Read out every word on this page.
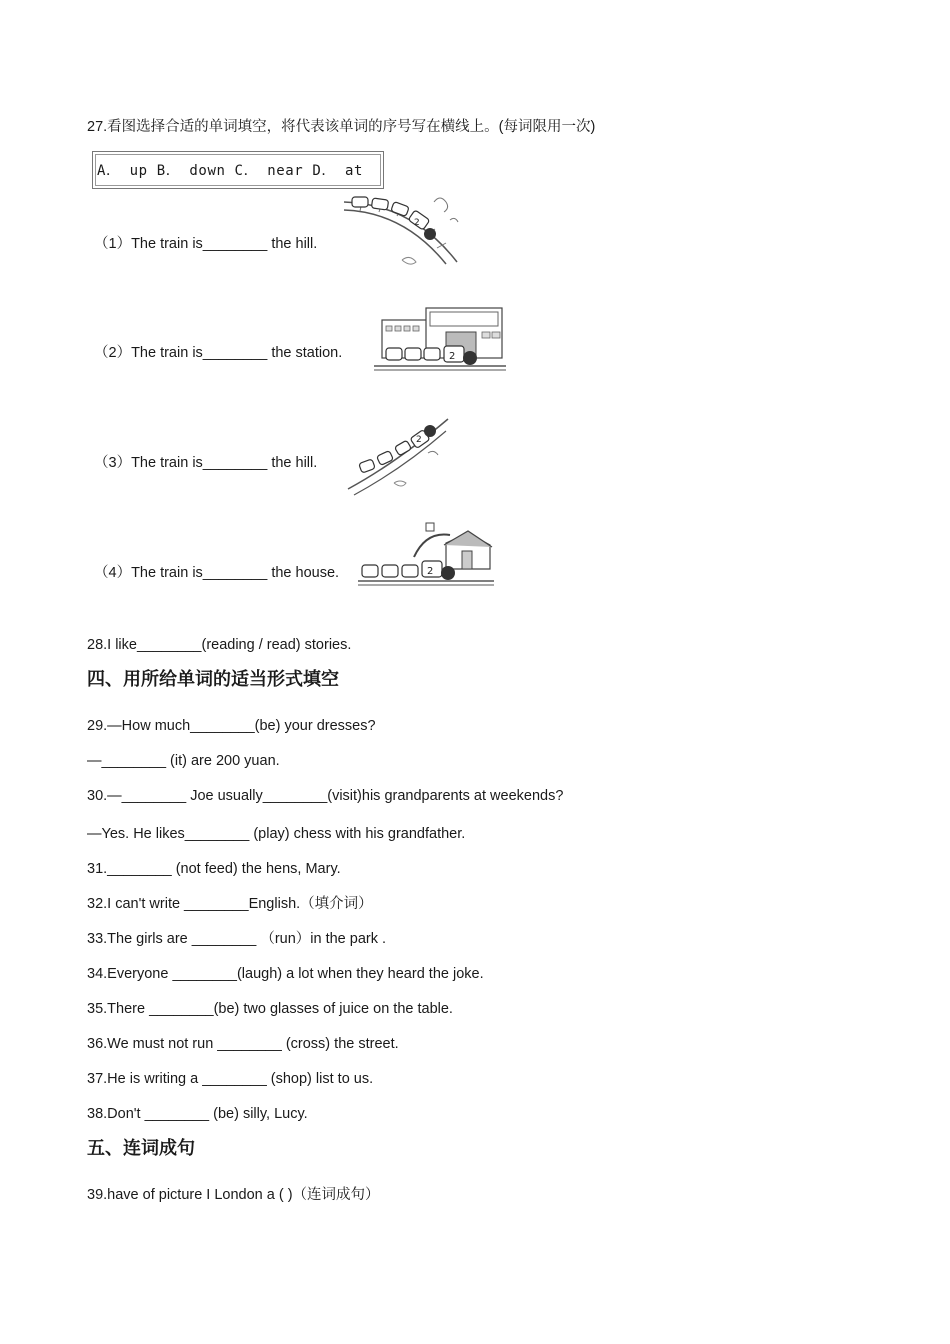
27.看图选择合适的单词填空，将代表该单词的序号写在横线上。(每词限用一次)
A． up B． down C． near D． at
（1）The train is________ the hill.
（2）The train is________ the station.
（3）The train is________ the hill.
（4）The train is________ the house.
2
2
2
2
28.I like________(reading / read) stories.
四、用所给单词的适当形式填空
29.—How much________(be) your dresses?
—________ (it) are 200 yuan.
30.—________ Joe usually________(visit)his grandparents at weekends?
—Yes. He likes________ (play) chess with his grandfather.
31.________ (not feed) the hens, Mary.
32.I can't write ________English.（填介词）
33.The girls are ________ （run）in the park .
34.Everyone ________(laugh) a lot when they heard the joke.
35.There ________(be) two glasses of juice on the table.
36.We must not run ________ (cross) the street.
37.He is writing a ________ (shop) list to us.
38.Don't ________ (be) silly, Lucy.
五、连词成句
39.have of picture I London a ( )（连词成句）
